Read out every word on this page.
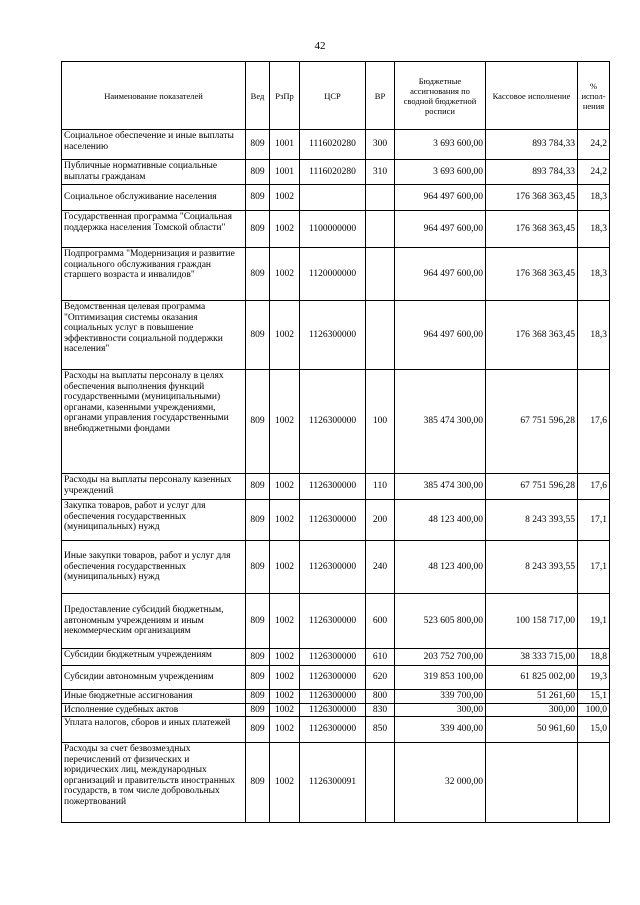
42
Наименование показателей	Вед	РзПр	ЦСР	ВР	Бюджетные ассигнования по сводной бюджетной росписи	Кассовое исполнение	% испол-нения
Социальное обеспечение и иные выплаты населению	809	1001	1116020280	300	3 693 600,00	893 784,33	24,2
Публичные нормативные социальные выплаты гражданам	809	1001	1116020280	310	3 693 600,00	893 784,33	24,2
Социальное обслуживание населения	809	1002			964 497 600,00	176 368 363,45	18,3
Государственная программа "Социальная поддержка населения Томской области"	809	1002	1100000000		964 497 600,00	176 368 363,45	18,3
Подпрограмма "Модернизация и развитие социального обслуживания граждан старшего возраста и инвалидов"	809	1002	1120000000		964 497 600,00	176 368 363,45	18,3
Ведомственная целевая программа "Оптимизация системы оказания социальных услуг в повышение эффективности социальной поддержки населения"	809	1002	1126300000		964 497 600,00	176 368 363,45	18,3
Расходы на выплаты персоналу в целях обеспечения выполнения функций государственными (муниципальными) органами, казенными учреждениями, органами управления государственными внебюджетными фондами	809	1002	1126300000	100	385 474 300,00	67 751 596,28	17,6
Расходы на выплаты персоналу казенных учреждений	809	1002	1126300000	110	385 474 300,00	67 751 596,28	17,6
Закупка товаров, работ и услуг для обеспечения государственных (муниципальных) нужд	809	1002	1126300000	200	48 123 400,00	8 243 393,55	17,1
Иные закупки товаров, работ и услуг для обеспечения государственных (муниципальных) нужд	809	1002	1126300000	240	48 123 400,00	8 243 393,55	17,1
Предоставление субсидий бюджетным, автономным учреждениям и иным некоммерческим организациям	809	1002	1126300000	600	523 605 800,00	100 158 717,00	19,1
Субсидии бюджетным учреждениям	809	1002	1126300000	610	203 752 700,00	38 333 715,00	18,8
Субсидии автономным учреждениям	809	1002	1126300000	620	319 853 100,00	61 825 002,00	19,3
Иные бюджетные ассигнования	809	1002	1126300000	800	339 700,00	51 261,60	15,1
Исполнение судебных актов	809	1002	1126300000	830	300,00	300,00	100,0
Уплата налогов, сборов и иных платежей	809	1002	1126300000	850	339 400,00	50 961,60	15,0
Расходы за счет безвозмездных перечислений от физических и юридических лиц, международных организаций и правительств иностранных государств, в том числе добровольных пожертвований	809	1002	1126300091		32 000,00		
